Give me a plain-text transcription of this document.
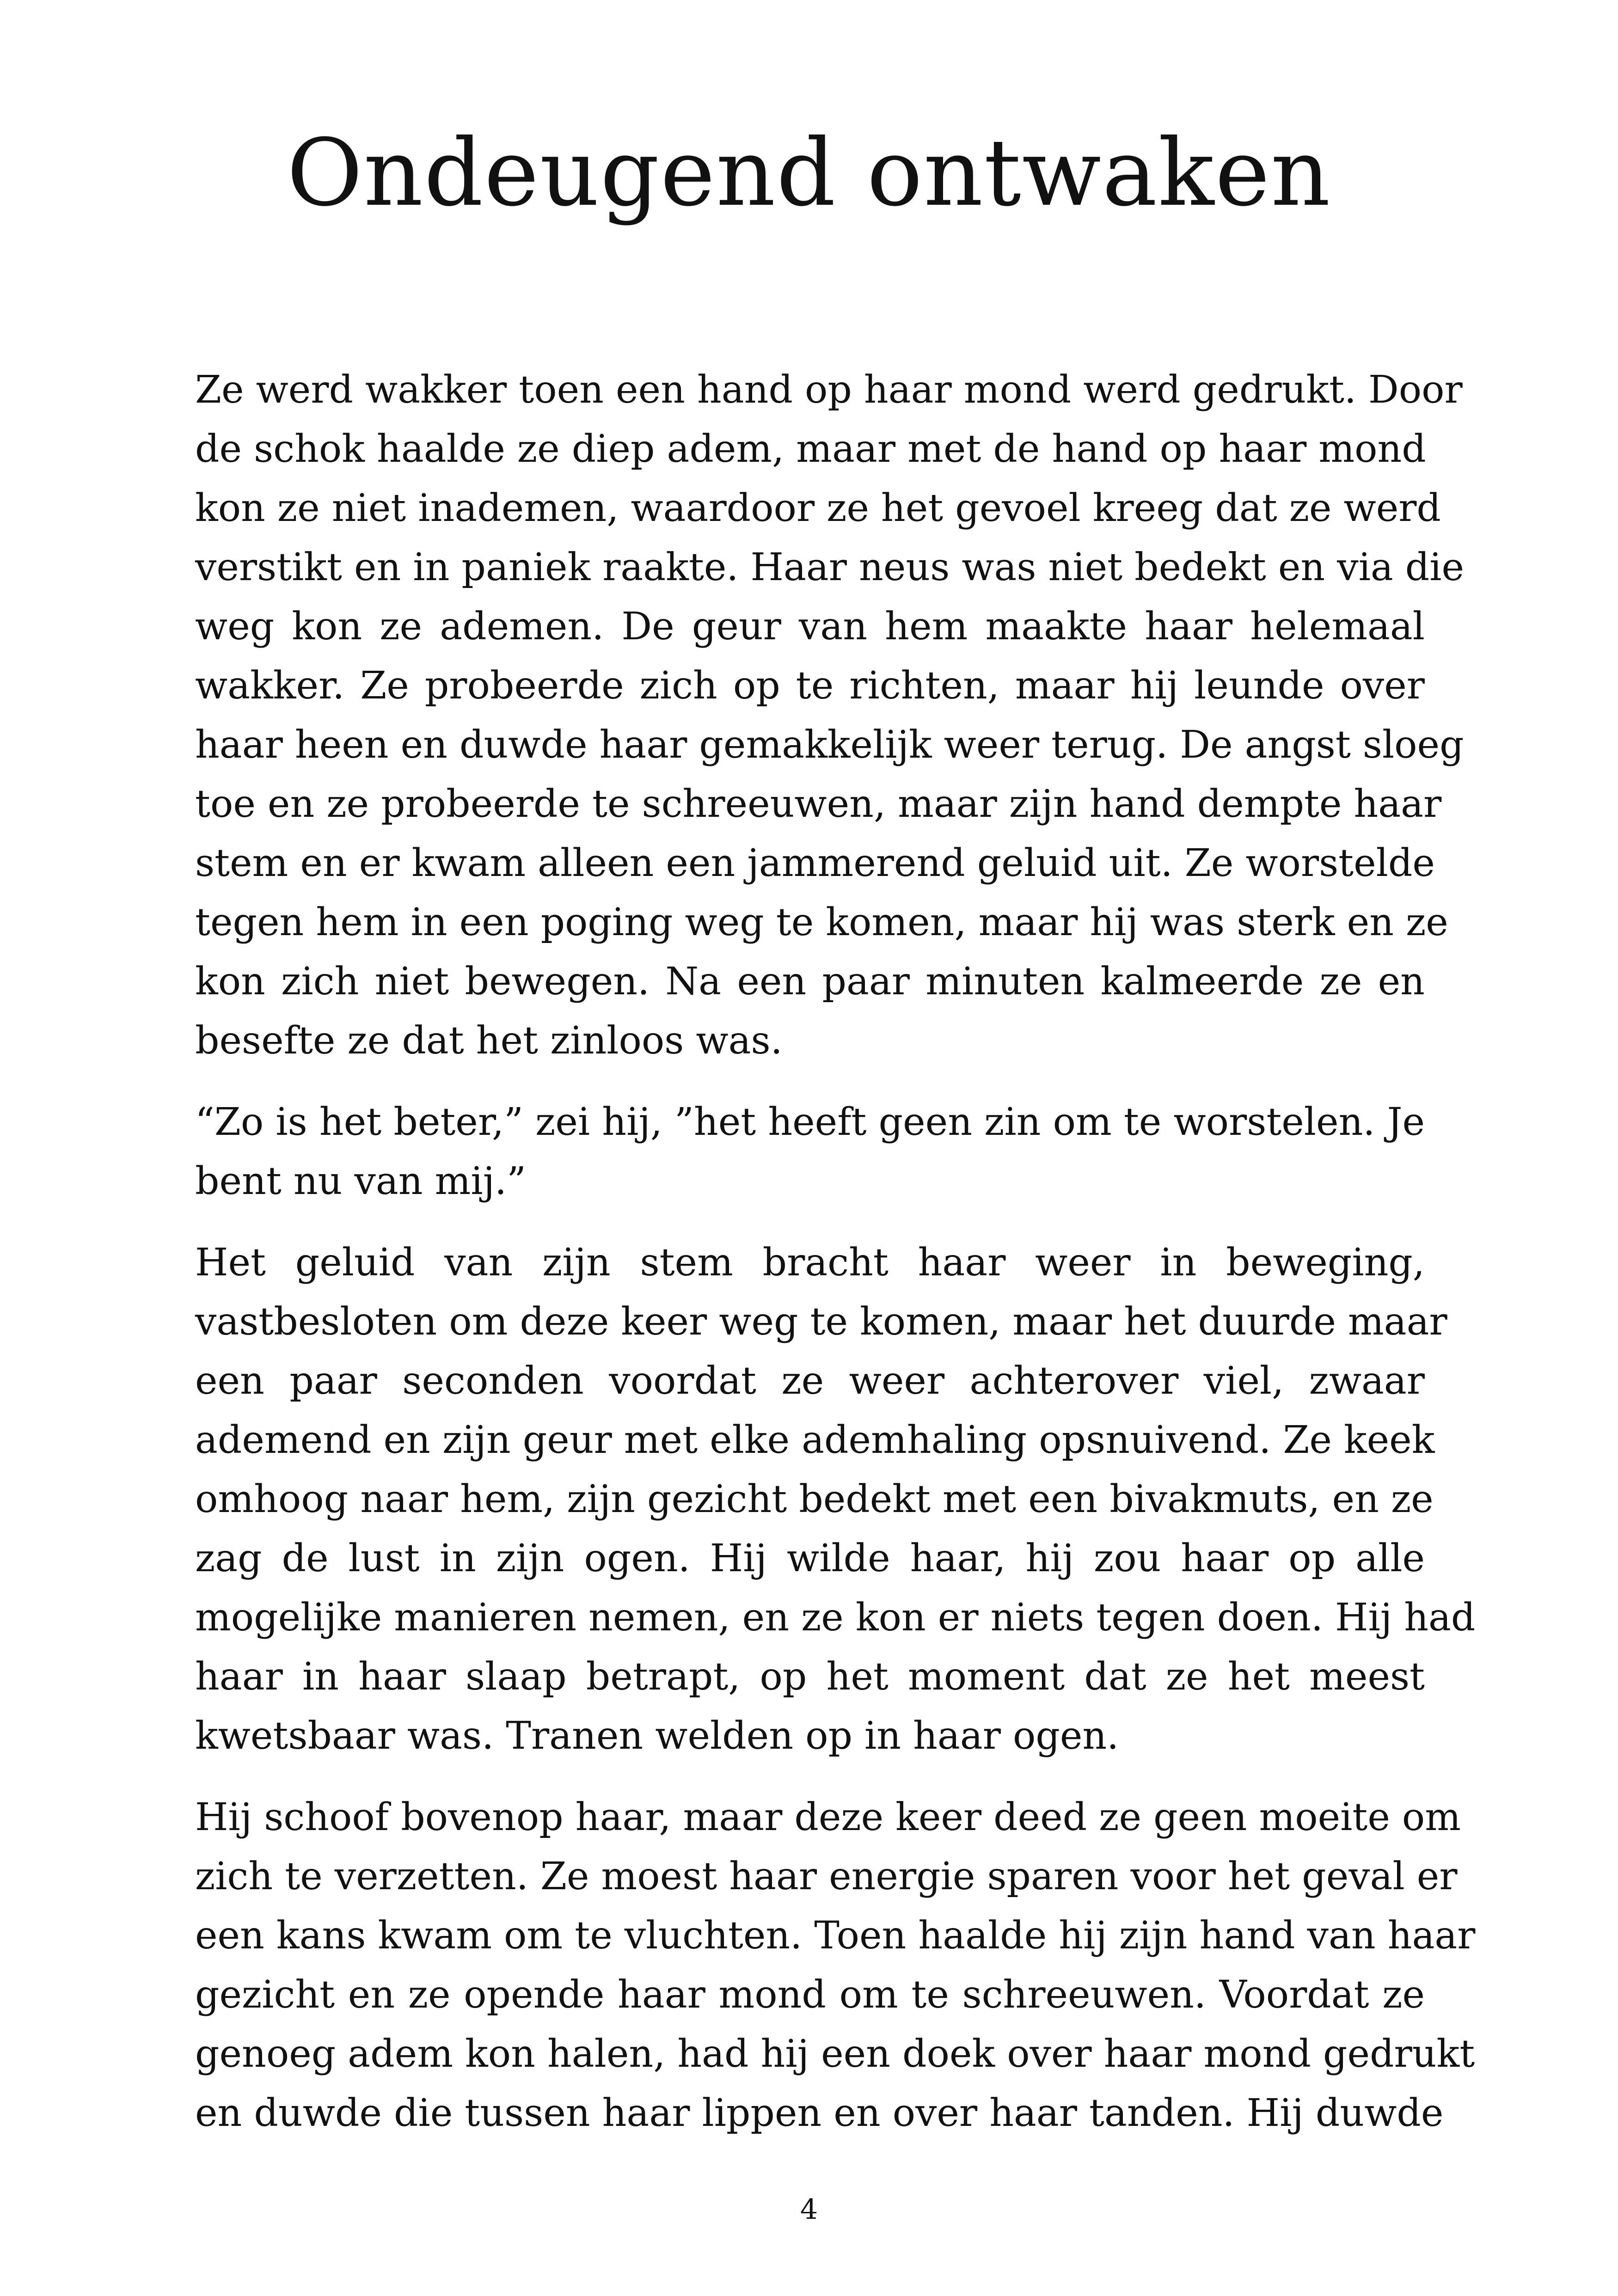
Ondeugend ontwaken
Ze werd wakker toen een hand op haar mond werd gedrukt. Door
de schok haalde ze diep adem, maar met de hand op haar mond
kon ze niet inademen, waardoor ze het gevoel kreeg dat ze werd
verstikt en in paniek raakte. Haar neus was niet bedekt en via die
weg kon ze ademen. De geur van hem maakte haar helemaal
wakker. Ze probeerde zich op te richten, maar hij leunde over
haar heen en duwde haar gemakkelijk weer terug. De angst sloeg
toe en ze probeerde te schreeuwen, maar zijn hand dempte haar
stem en er kwam alleen een jammerend geluid uit. Ze worstelde
tegen hem in een poging weg te komen, maar hij was sterk en ze
kon zich niet bewegen. Na een paar minuten kalmeerde ze en
besefte ze dat het zinloos was.
“Zo is het beter,” zei hij, ”het heeft geen zin om te worstelen. Je
bent nu van mij.”
Het geluid van zijn stem bracht haar weer in beweging,
vastbesloten om deze keer weg te komen, maar het duurde maar
een paar seconden voordat ze weer achterover viel, zwaar
ademend en zijn geur met elke ademhaling opsnuivend. Ze keek
omhoog naar hem, zijn gezicht bedekt met een bivakmuts, en ze
zag de lust in zijn ogen. Hij wilde haar, hij zou haar op alle
mogelijke manieren nemen, en ze kon er niets tegen doen. Hij had
haar in haar slaap betrapt, op het moment dat ze het meest
kwetsbaar was. Tranen welden op in haar ogen.
Hij schoof bovenop haar, maar deze keer deed ze geen moeite om
zich te verzetten. Ze moest haar energie sparen voor het geval er
een kans kwam om te vluchten. Toen haalde hij zijn hand van haar
gezicht en ze opende haar mond om te schreeuwen. Voordat ze
genoeg adem kon halen, had hij een doek over haar mond gedrukt
en duwde die tussen haar lippen en over haar tanden. Hij duwde
4
